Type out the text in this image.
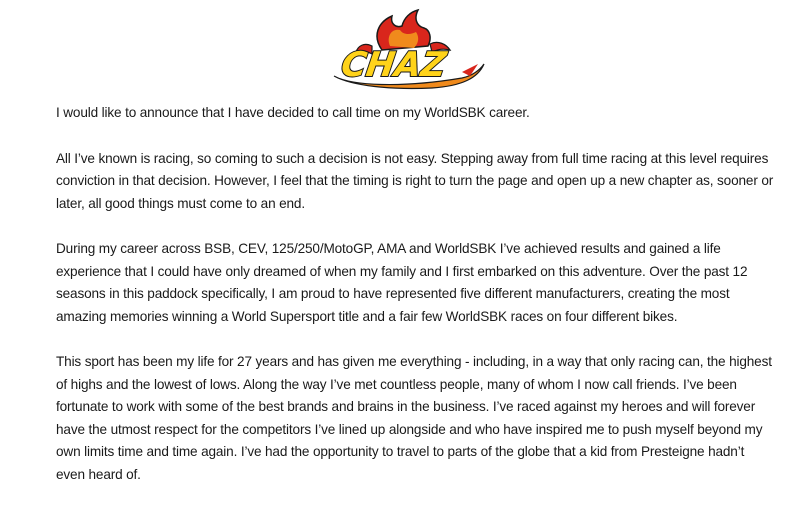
CHAZ

I would like to announce that I have decided to call time on my WorldSBK career.

All I’ve known is racing, so coming to such a decision is not easy. Stepping away from full time racing at this level requires conviction in that decision. However, I feel that the timing is right to turn the page and open up a new chapter as, sooner or later, all good things must come to an end.

During my career across BSB, CEV, 125/250/MotoGP, AMA and WorldSBK I’ve achieved results and gained a life experience that I could have only dreamed of when my family and I first embarked on this adventure. Over the past 12 seasons in this paddock specifically, I am proud to have represented five different manufacturers, creating the most amazing memories winning a World Supersport title and a fair few WorldSBK races on four different bikes.

This sport has been my life for 27 years and has given me everything - including, in a way that only racing can, the highest of highs and the lowest of lows. Along the way I’ve met countless people, many of whom I now call friends. I’ve been fortunate to work with some of the best brands and brains in the business. I’ve raced against my heroes and will forever have the utmost respect for the competitors I’ve lined up alongside and who have inspired me to push myself beyond my own limits time and time again. I’ve had the opportunity to travel to parts of the globe that a kid from Presteigne hadn’t even heard of.
